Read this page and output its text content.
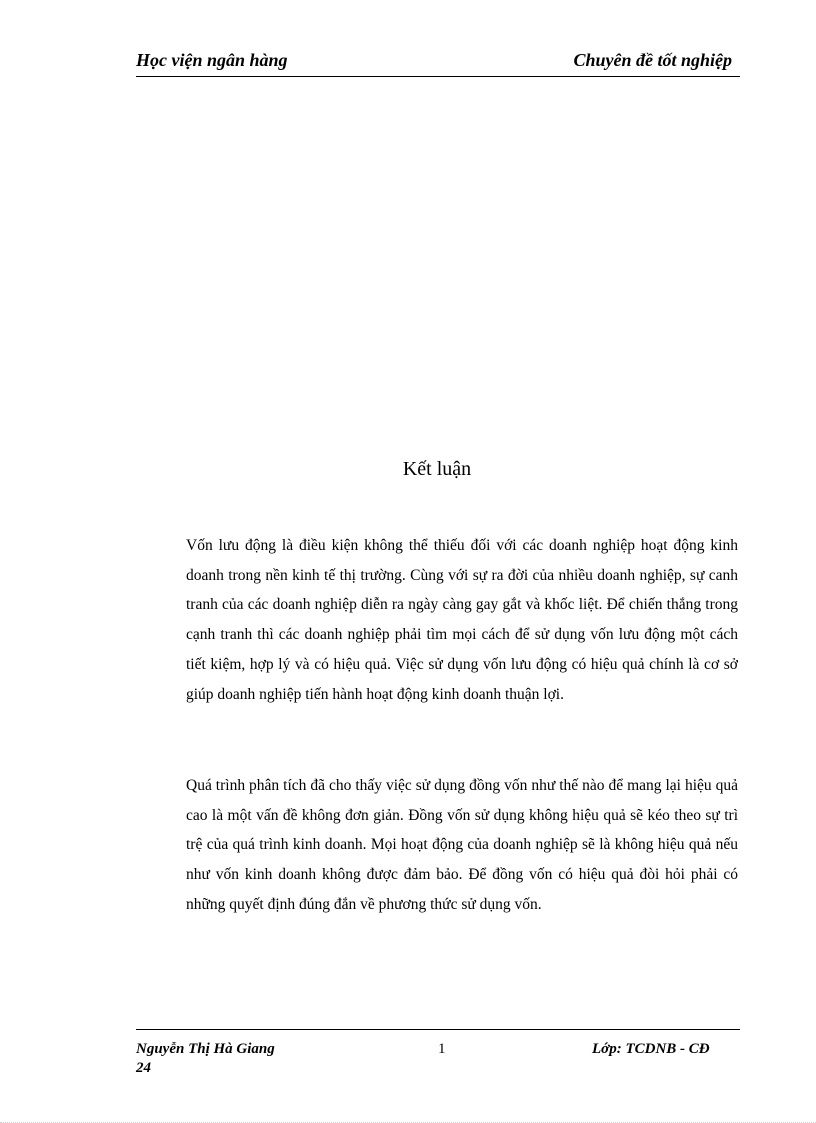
Học viện ngân hàng	Chuyên đề tốt nghiệp
Kết luận

Vốn lưu động là điều kiện không thể thiếu đối với các doanh nghiệp hoạt động kinh doanh trong nền kinh tế thị trường. Cùng với sự ra đời của nhiều doanh nghiệp, sự canh tranh của các doanh nghiệp diễn ra ngày càng gay gắt và khốc liệt. Để chiến thắng trong cạnh tranh thì các doanh nghiệp phải tìm mọi cách để sử dụng vốn lưu động một cách tiết kiệm, hợp lý và có hiệu quả. Việc sử dụng vốn lưu động có hiệu quả chính là cơ sở giúp doanh nghiệp tiến hành hoạt động kinh doanh thuận lợi.

Quá trình phân tích đã cho thấy việc sử dụng đồng vốn như thế nào để mang lại hiệu quả cao là một vấn đề không đơn giản. Đồng vốn sử dụng không hiệu quả sẽ kéo theo sự trì trệ của quá trình kinh doanh. Mọi hoạt động của doanh nghiệp sẽ là không hiệu quả nếu như vốn kinh doanh không được đảm bảo. Để đồng vốn có hiệu quả đòi hỏi phải có những quyết định đúng đắn về phương thức sử dụng vốn.

Nguyễn Thị Hà Giang	1	Lớp: TCDNB - CĐ
24
